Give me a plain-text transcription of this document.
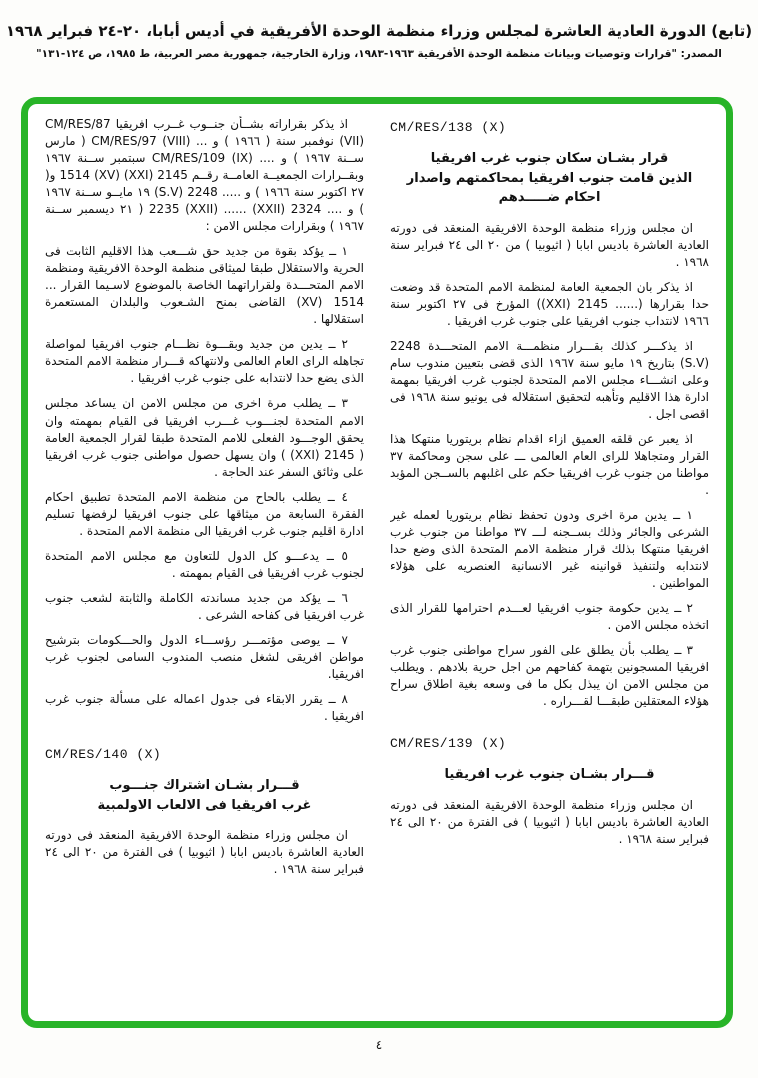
(تابع) الدورة العادية العاشرة لمجلس وزراء منظمة الوحدة الأفريقية في أديس أبابا، ٢٠-٢٤ فبراير ١٩٦٨
المصدر: "قرارات وتوصيات وبيانات منظمة الوحدة الأفريقية ١٩٦٣-١٩٨٣، وزارة الخارجية، جمهورية مصر العربية، ط ١٩٨٥، ص ١٢٤-١٣١"

اذ يذكر بقراراته بشــأن جنــوب غــرب افريقيا CM/RES/87 (VII) نوفمبر سنة ( ١٩٦٦ ) و ... CM/RES/97 (VIII) ( مارس ســنة ١٩٦٧ ) و .... CM/RES/109 (IX) سبتمبر ســنة ١٩٦٧ وبقــرارات الجمعيــة العامــة رقــم 2145 (XXI) 1514 (XV) و( ٢٧ اكتوبر سنة ١٩٦٦ ) و ..... 2248 (S.V) ١٩ مايــو ســنة ١٩٦٧ ) و .... 2324 (XXII) ...... 2235 (XXII) ( ٢١ ديسمبر ســنة ١٩٦٧ ) وبقرارات مجلس الامن :

١ ــ يؤكد بقوة من جديد حق شـــعب هذا الاقليم الثابت فى الحرية والاستقلال طبقا لميثاقى منظمة الوحدة الافريقية ومنظمة الامم المتحـــدة ولقراراتهما الخاصة بالموضوع لاسـيما القرار ... 1514 (XV) القاضى بمنح الشـعوب والبلدان المستعمرة استقلالها .

٢ ــ يدين من جديد وبقـــوة نظـــام جنوب افريقيا لمواصلة تجاهله الراى العام العالمى ولانتهاكه قـــرار منظمة الامم المتحدة الذى يضع حدا لانتدابه على جنوب غرب افريقيا .

٣ ــ يطلب مرة اخرى من مجلس الامن ان يساعد مجلس الامم المتحدة لجنـــوب غـــرب افريقيا فى القيام بمهمته وان يحقق الوجـــود الفعلى للامم المتحدة طبقا لقرار الجمعية العامة ( 2145 (XXI) ) وان يسهل حصول مواطنى جنوب غرب افريقيا على وثائق السفر عند الحاجة .

٤ ــ يطلب بالحاح من منظمة الامم المتحدة تطبيق احكام الفقرة السابعة من ميثاقها على جنوب افريقيا لرفضها تسليم ادارة اقليم جنوب غرب افريقيا الى منظمة الامم المتحدة .

٥ ــ يدعـــو كل الدول للتعاون مع مجلس الامم المتحدة لجنوب غرب افريقيا فى القيام بمهمته .

٦ ــ يؤكد من جديد مساندته الكاملة والثابتة لشعب جنوب غرب افريقيا فى كفاحه الشرعى .

٧ ــ يوصى مؤتمـــر رؤســـاء الدول والحـــكومات بترشيح مواطن افريقى لشغل منصب المندوب السامى لجنوب غرب افريقيا.

٨ ــ يقرر الابقاء فى جدول اعماله على مسألة جنوب غرب افريقيا .

CM/RES/140 (X)
قـــرار بشـان اشتراك جنـــوب
غرب افريقيا فى الالعاب الاولمبية

ان مجلس وزراء منظمة الوحدة الافريقية المنعقد فى دورته العادية العاشرة باديس ابابا ( اثيوبيا ) فى الفترة من ٢٠ الى ٢٤ فبراير سنة ١٩٦٨ .

CM/RES/138 (X)
قرار بشـان سكان جنوب غرب افريقيا
الذين قامت جنوب افريقيا بمحاكمتهم واصدار
احكام ضـــــدهم

ان مجلس وزراء منظمة الوحدة الافريقية المنعقد فى دورته العادية العاشرة باديس ابابا ( اثيوبيا ) من ٢٠ الى ٢٤ فبراير سنة ١٩٦٨ .

اذ يذكر بان الجمعية العامة لمنظمة الامم المتحدة قد وضعت حدا بقرارها (...... 2145 (XXI)) المؤرخ فى ٢٧ اكتوبر سنة ١٩٦٦ لانتداب جنوب افريقيا على جنوب غرب افريقيا .

اذ يذكـــر كذلك بقـــرار منظمـــة الامم المتحـــدة 2248 (S.V) بتاريخ ١٩ مايو سنة ١٩٦٧ الذى قضى بتعيين مندوب سام وعلى انشـــاء مجلس الامم المتحدة لجنوب غرب افريقيا بمهمة ادارة هذا الاقليم وتأهبه لتحقيق استقلاله فى يونيو سنة ١٩٦٨ فى اقصى اجل .

اذ يعبر عن قلقه العميق ازاء اقدام نظام بريتوريا منتهكا هذا القرار ومتجاهلا للراى العام العالمى ـــ على سجن ومحاكمة ٣٧ مواطنا من جنوب غرب افريقيا حكم على اغلبهم بالســجن المؤبد .

١ ــ يدين مرة اخرى ودون تحفظ نظام بريتوريا لعمله غير الشرعى والجائر وذلك بســجنه لـــ ٣٧ مواطنا من جنوب غرب افريقيا منتهكا بذلك قرار منظمة الامم المتحدة الذى وضع حدا لانتدابه ولتنفيذ قوانينه غير الانسانية العنصريه على هؤلاء المواطنين .

٢ ــ يدين حكومة جنوب افريقيا لعـــدم احترامها للقرار الذى اتخذه مجلس الامن .

٣ ــ يطلب بأن يطلق على الفور سراح مواطنى جنوب غرب افريقيا المسجونين بتهمة كفاحهم من اجل حرية بلادهم . ويطلب من مجلس الامن ان يبذل بكل ما فى وسعه بغية اطلاق سراح هؤلاء المعتقلين طبقـــا لقـــراره .

CM/RES/139 (X)
قـــرار بشـان جنوب غرب افريقيا

ان مجلس وزراء منظمة الوحدة الافريقية المنعقد فى دورته العادية العاشرة باديس ابابا ( اثيوبيا ) فى الفترة من ٢٠ الى ٢٤ فبراير سنة ١٩٦٨ .

٤
